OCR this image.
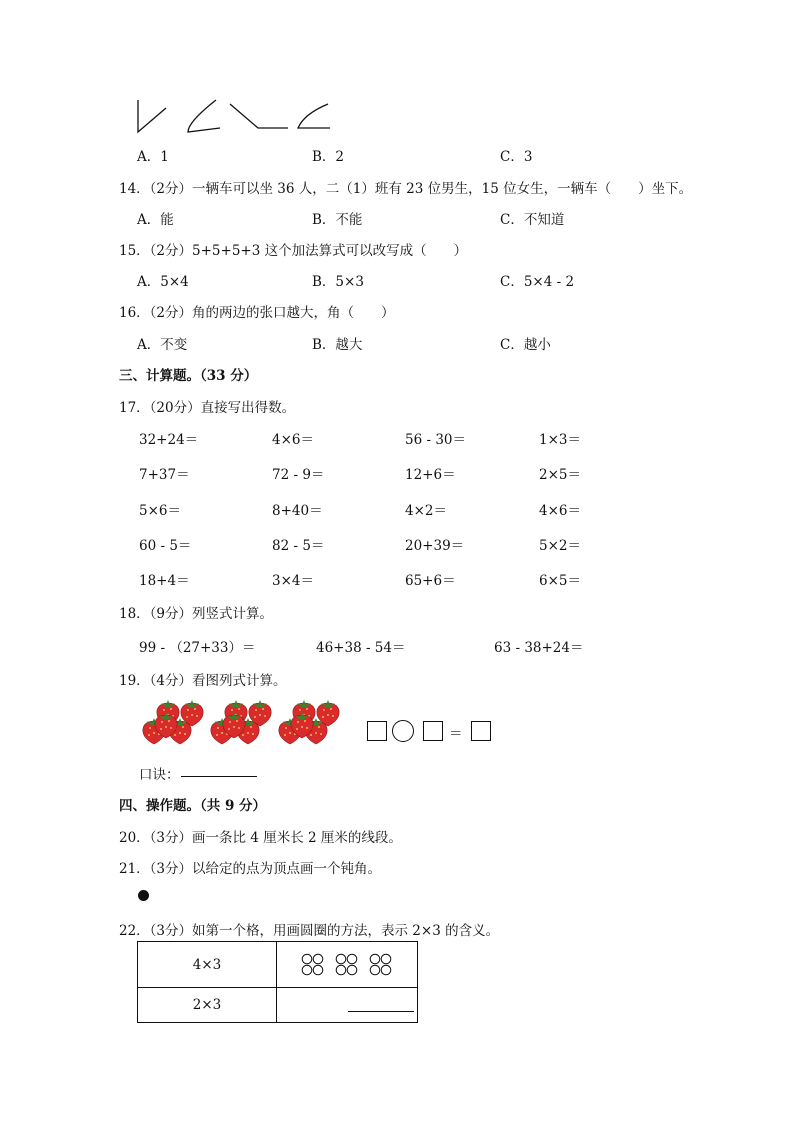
A．1	B．2	C．3
14．（2分）一辆车可以坐 36 人，二（1）班有 23 位男生，15 位女生，一辆车（　　）坐下。
A．能	B．不能	C．不知道
15．（2分）5+5+5+3 这个加法算式可以改写成（　　）
A．5×4	B．5×3	C．5×4 - 2
16．（2分）角的两边的张口越大，角（　　）
A．不变	B．越大	C．越小
三、计算题。（33 分）
17．（20分）直接写出得数。
32+24＝	4×6＝	56 - 30＝	1×3＝
7+37＝	72 - 9＝	12+6＝	2×5＝
5×6＝	8+40＝	4×2＝	4×6＝
60 - 5＝	82 - 5＝	20+39＝	5×2＝
18+4＝	3×4＝	65+6＝	6×5＝
18．（9分）列竖式计算。
99 - （27+33）＝	46+38 - 54＝	63 - 38+24＝
19．（4分）看图列式计算。
＝
口诀：
四、操作题。（共 9 分）
20．（3分）画一条比 4 厘米长 2 厘米的线段。
21．（3分）以给定的点为顶点画一个钝角。
22．（3分）如第一个格，用画圆圈的方法，表示 2×3 的含义。
4×3	

2×3	
